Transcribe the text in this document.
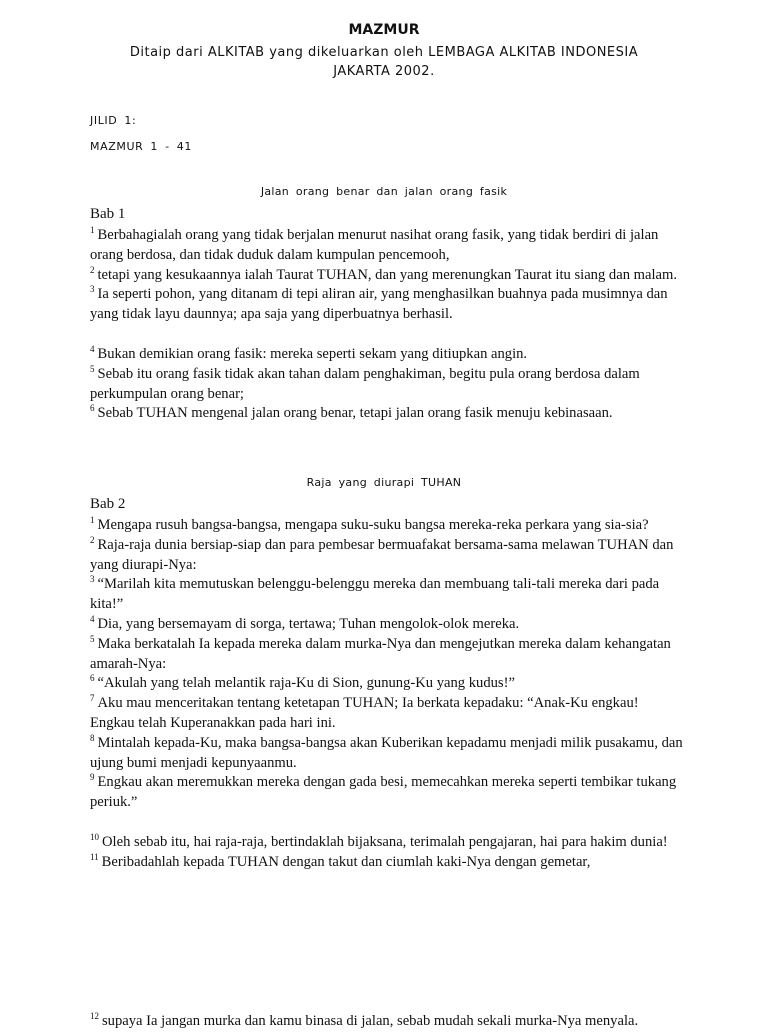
MAZMUR
Ditaip dari ALKITAB yang dikeluarkan oleh LEMBAGA ALKITAB INDONESIA
JAKARTA 2002.
JILID 1:
MAZMUR 1 - 41
Jalan orang benar dan jalan orang fasik
Bab 1

$^1$ Berbahagialah orang yang tidak berjalan menurut nasihat orang fasik, yang tidak berdiri di jalan orang berdosa, dan tidak duduk dalam kumpulan pencemooh,

$^2$ tetapi yang kesukaannya ialah Taurat TUHAN, dan yang merenungkan Taurat itu siang dan malam.

$^3$ Ia seperti pohon, yang ditanam di tepi aliran air, yang menghasilkan buahnya pada musimnya dan yang tidak layu daunnya; apa saja yang diperbuatnya berhasil.

$^4$ Bukan demikian orang fasik: mereka seperti sekam yang ditiupkan angin.

$^5$ Sebab itu orang fasik tidak akan tahan dalam penghakiman, begitu pula orang berdosa dalam perkumpulan orang benar;

$^6$ Sebab TUHAN mengenal jalan orang benar, tetapi jalan orang fasik menuju kebinasaan.

Raja yang diurapi TUHAN
Bab 2

$^1$ Mengapa rusuh bangsa-bangsa, mengapa suku-suku bangsa mereka-reka perkara yang sia-sia?

$^2$ Raja-raja dunia bersiap-siap dan para pembesar bermuafakat bersama-sama melawan TUHAN dan yang diurapi-Nya:

$^3$ “Marilah kita memutuskan belenggu-belenggu mereka dan membuang tali-tali mereka dari pada kita!”

$^4$ Dia, yang bersemayam di sorga, tertawa; Tuhan mengolok-olok mereka.

$^5$ Maka berkatalah Ia kepada mereka dalam murka-Nya dan mengejutkan mereka dalam kehangatan amarah-Nya:

$^6$ “Akulah yang telah melantik raja-Ku di Sion, gunung-Ku yang kudus!”

$^7$ Aku mau menceritakan tentang ketetapan TUHAN; Ia berkata kepadaku: “Anak-Ku engkau! Engkau telah Kuperanakkan pada hari ini.

$^8$ Mintalah kepada-Ku, maka bangsa-bangsa akan Kuberikan kepadamu menjadi milik pusakamu, dan ujung bumi menjadi kepunyaanmu.

$^9$ Engkau akan meremukkan mereka dengan gada besi, memecahkan mereka seperti tembikar tukang periuk.”

$^{10}$ Oleh sebab itu, hai raja-raja, bertindaklah bijaksana, terimalah pengajaran, hai para hakim dunia!

$^{11}$ Beribadahlah kepada TUHAN dengan takut dan ciumlah kaki-Nya dengan gemetar,

$^{12}$ supaya Ia jangan murka dan kamu binasa di jalan, sebab mudah sekali murka-Nya menyala.
